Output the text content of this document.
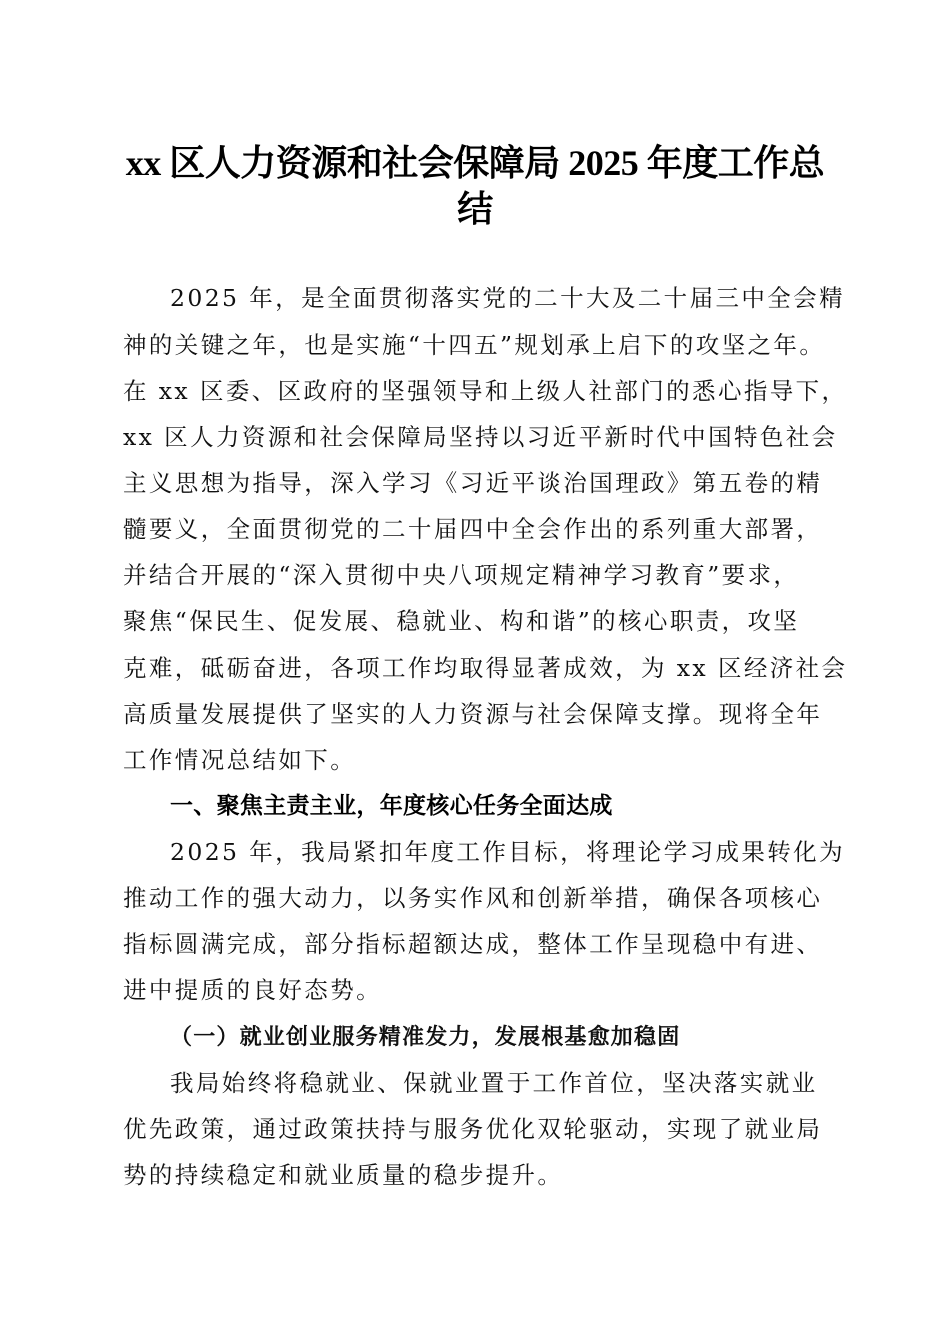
xx 区人力资源和社会保障局 2025 年度工作总
结
2025 年，是全面贯彻落实党的二十大及二十届三中全会精
神的关键之年，也是实施“十四五”规划承上启下的攻坚之年。
在 xx 区委、区政府的坚强领导和上级人社部门的悉心指导下，
xx 区人力资源和社会保障局坚持以习近平新时代中国特色社会
主义思想为指导，深入学习《习近平谈治国理政》第五卷的精
髓要义，全面贯彻党的二十届四中全会作出的系列重大部署，
并结合开展的“深入贯彻中央八项规定精神学习教育”要求，
聚焦“保民生、促发展、稳就业、构和谐”的核心职责，攻坚
克难，砥砺奋进，各项工作均取得显著成效，为 xx 区经济社会
高质量发展提供了坚实的人力资源与社会保障支撑。现将全年
工作情况总结如下。
一、聚焦主责主业，年度核心任务全面达成
2025 年，我局紧扣年度工作目标，将理论学习成果转化为
推动工作的强大动力，以务实作风和创新举措，确保各项核心
指标圆满完成，部分指标超额达成，整体工作呈现稳中有进、
进中提质的良好态势。
（一）就业创业服务精准发力，发展根基愈加稳固
我局始终将稳就业、保就业置于工作首位，坚决落实就业
优先政策，通过政策扶持与服务优化双轮驱动，实现了就业局
势的持续稳定和就业质量的稳步提升。
